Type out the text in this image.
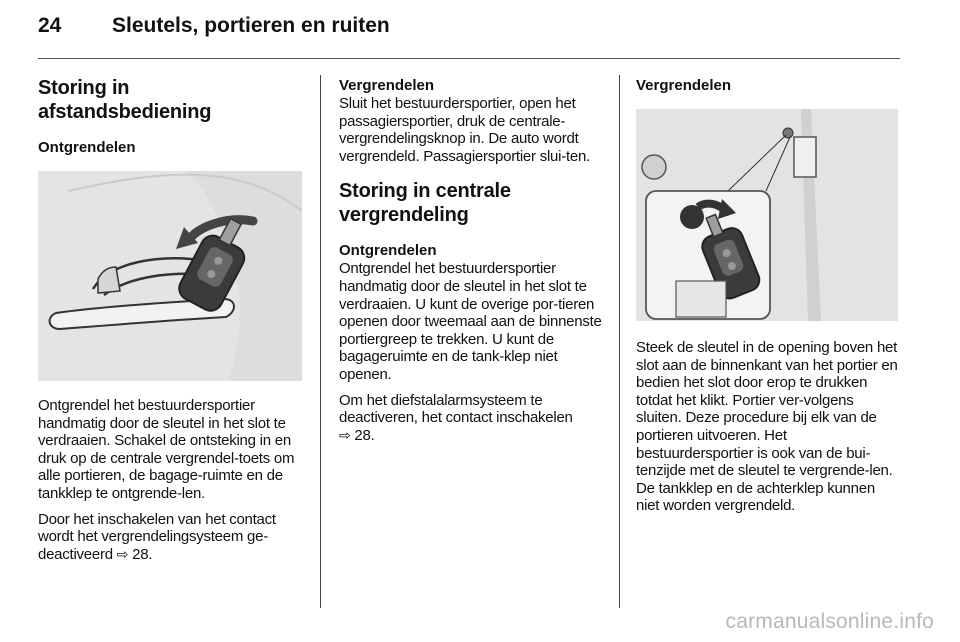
24	Sleutels, portieren en ruiten
Storing in afstandsbediening
Ontgrendelen

Ontgrendel het bestuurdersportier handmatig door de sleutel in het slot te verdraaien. Schakel de ontsteking in en druk op de centrale vergrendel-toets om alle portieren, de bagage-ruimte en de tankklep te ontgrende-len.

Door het inschakelen van het contact wordt het vergrendelingsysteem ge-deactiveerd ⇨ 28.

Vergrendelen

Sluit het bestuurdersportier, open het passagiersportier, druk de centrale-vergrendelingsknop in. De auto wordt vergrendeld. Passagiersportier slui-ten.

Storing in centrale vergrendeling
Ontgrendelen

Ontgrendel het bestuurdersportier handmatig door de sleutel in het slot te verdraaien. U kunt de overige por-tieren openen door tweemaal aan de binnenste portiergreep te trekken. U kunt de bagageruimte en de tank-klep niet openen.

Om het diefstalalarmsysteem te deactiveren, het contact inschakelen
⇨ 28.

Vergrendelen

Steek de sleutel in de opening boven het slot aan de binnenkant van het portier en bedien het slot door erop te drukken totdat het klikt. Portier ver-volgens sluiten. Deze procedure bij elk van de portieren uitvoeren. Het bestuurdersportier is ook van de bui-tenzijde met de sleutel te vergrende-len. De tankklep en de achterklep kunnen niet worden vergrendeld.

carmanualsonline.info
